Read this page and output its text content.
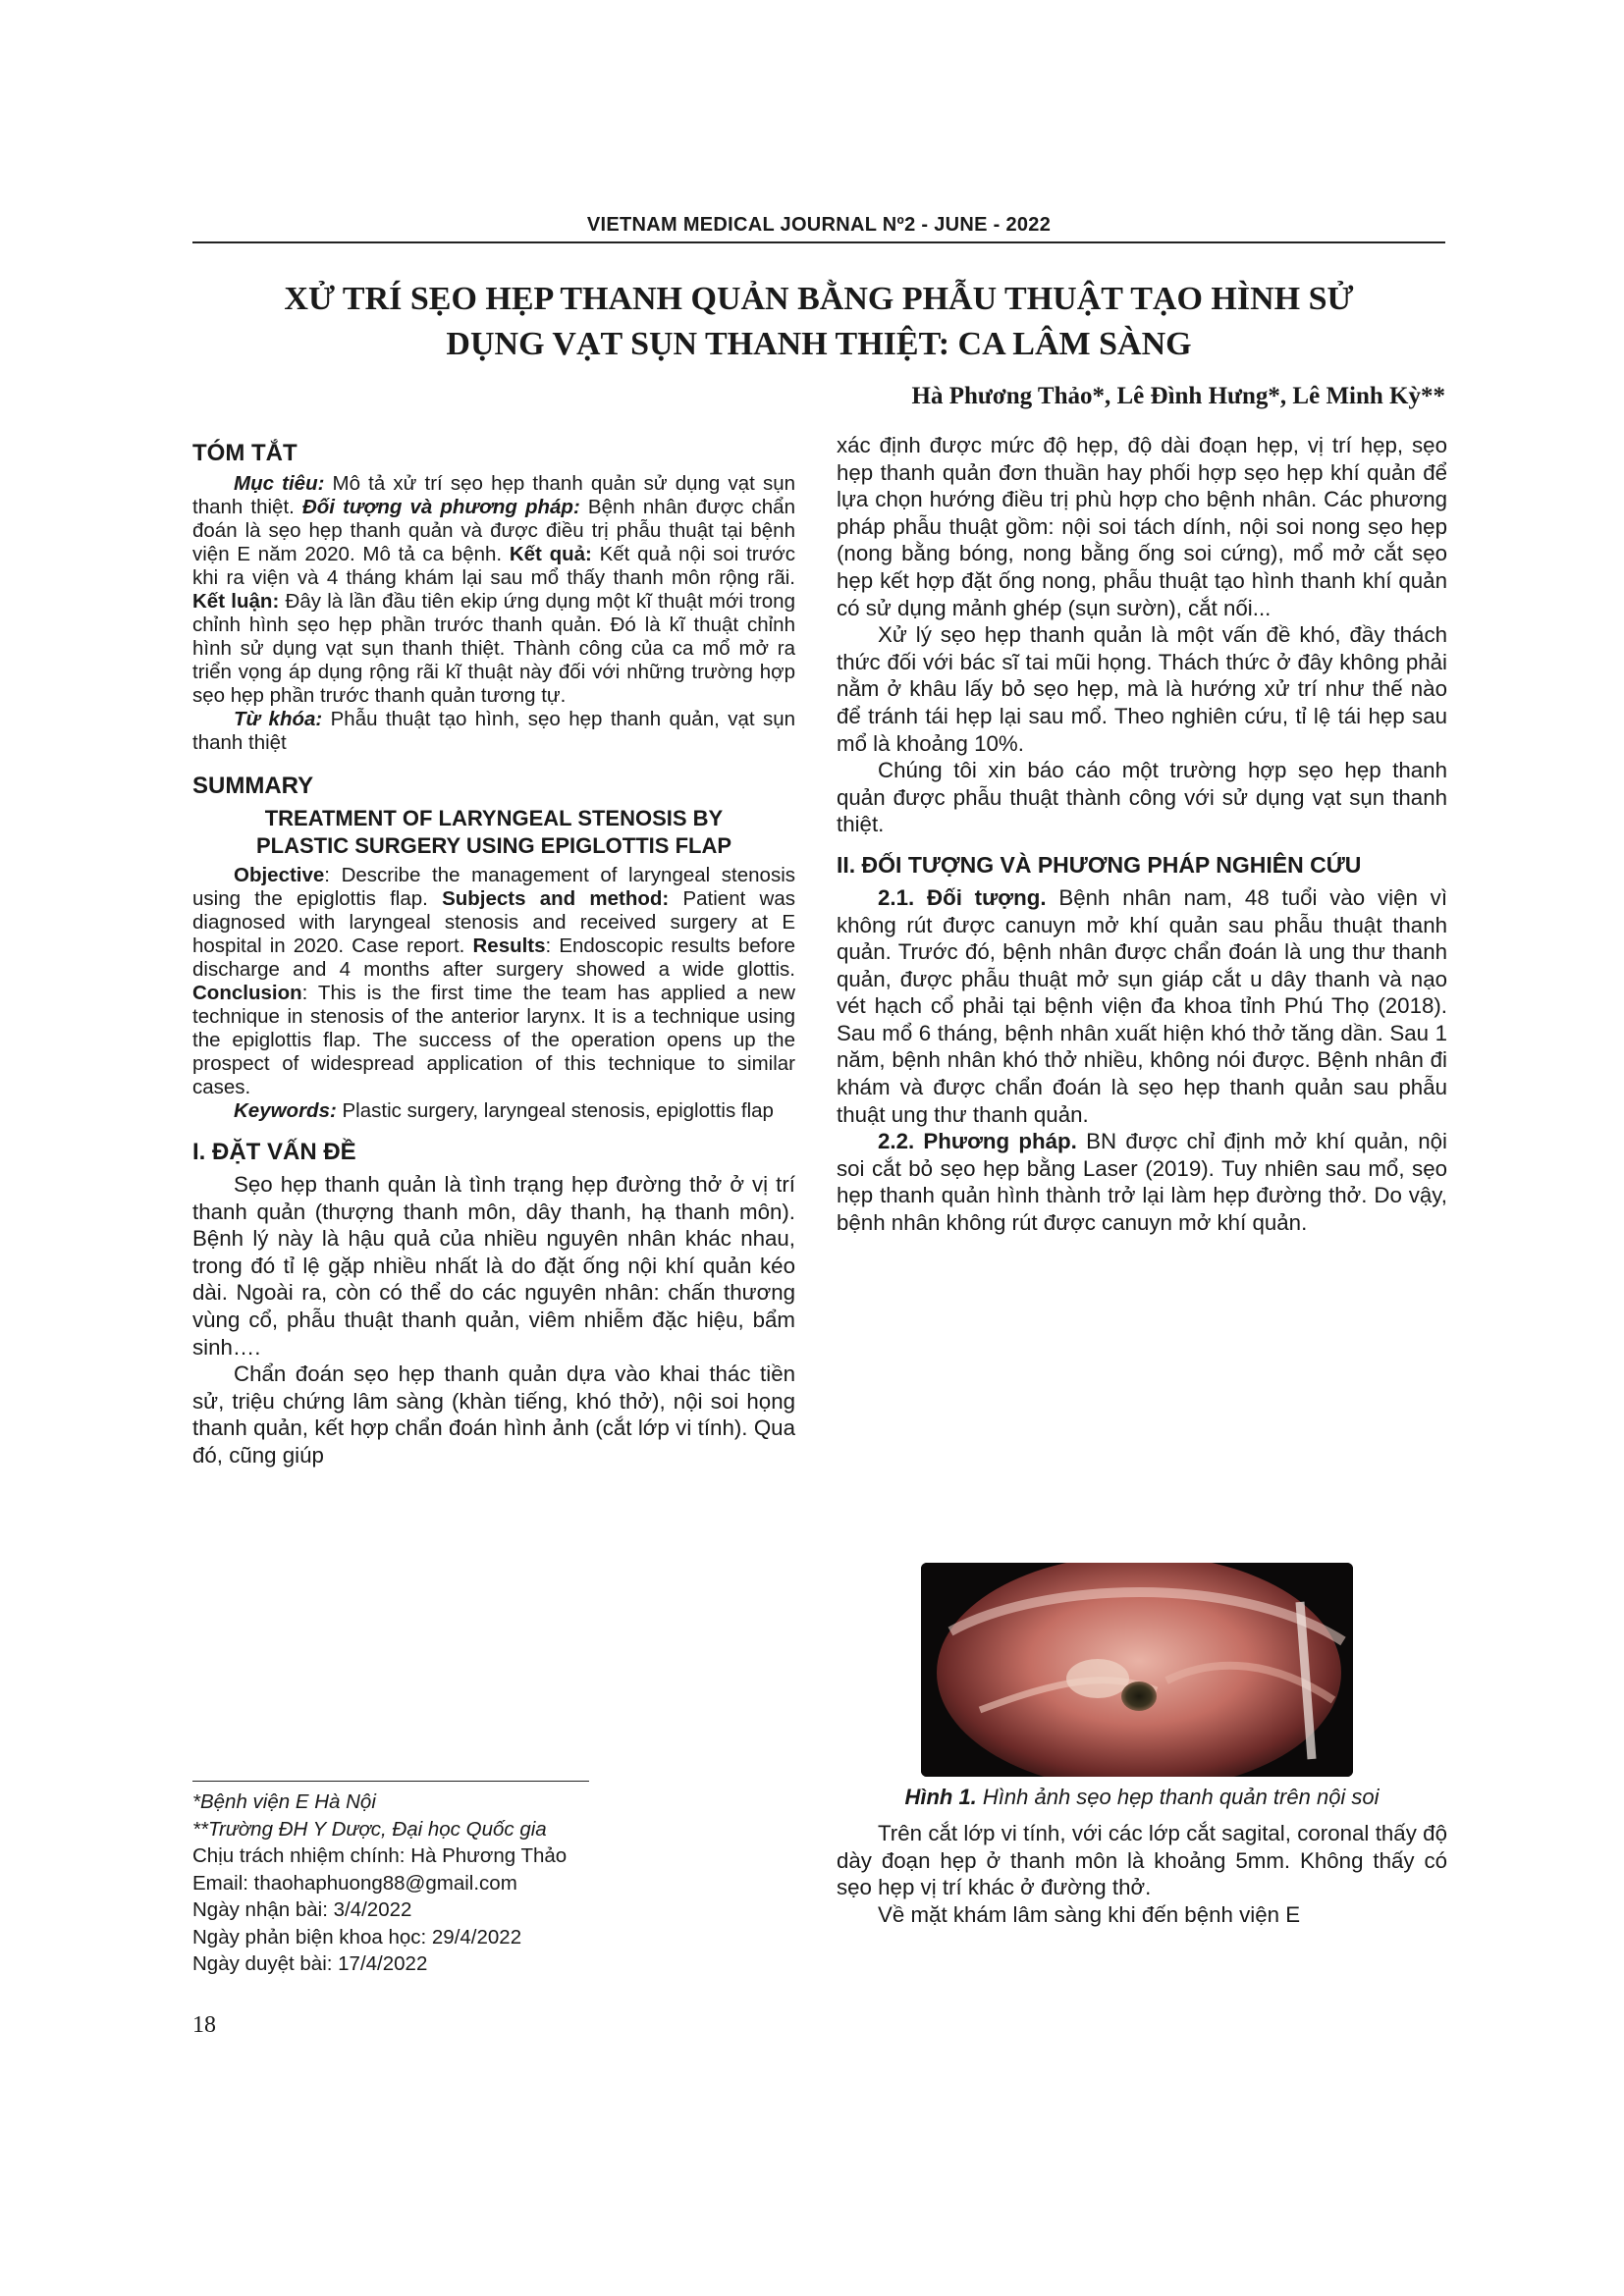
VIETNAM MEDICAL JOURNAL Nº2 - JUNE - 2022
XỬ TRÍ SẸO HẸP THANH QUẢN BẰNG PHẪU THUẬT TẠO HÌNH SỬ
DỤNG VẠT SỤN THANH THIỆT: CA LÂM SÀNG
Hà Phương Thảo*, Lê Đình Hưng*, Lê Minh Kỳ**
TÓM TẮT

Mục tiêu: Mô tả xử trí sẹo hẹp thanh quản sử dụng vạt sụn thanh thiệt. Đối tượng và phương pháp: Bệnh nhân được chẩn đoán là sẹo hẹp thanh quản và được điều trị phẫu thuật tại bệnh viện E năm 2020. Mô tả ca bệnh. Kết quả: Kết quả nội soi trước khi ra viện và 4 tháng khám lại sau mổ thấy thanh môn rộng rãi. Kết luận: Đây là lần đầu tiên ekip ứng dụng một kĩ thuật mới trong chỉnh hình sẹo hẹp phần trước thanh quản. Đó là kĩ thuật chỉnh hình sử dụng vạt sụn thanh thiệt. Thành công của ca mổ mở ra triển vọng áp dụng rộng rãi kĩ thuật này đối với những trường hợp sẹo hẹp phần trước thanh quản tương tự.

Từ khóa: Phẫu thuật tạo hình, sẹo hẹp thanh quản, vạt sụn thanh thiệt

SUMMARY
TREATMENT OF LARYNGEAL STENOSIS BY
PLASTIC SURGERY USING EPIGLOTTIS FLAP

Objective: Describe the management of laryngeal stenosis using the epiglottis flap. Subjects and method: Patient was diagnosed with laryngeal stenosis and received surgery at E hospital in 2020. Case report. Results: Endoscopic results before discharge and 4 months after surgery showed a wide glottis. Conclusion: This is the first time the team has applied a new technique in stenosis of the anterior larynx. It is a technique using the epiglottis flap. The success of the operation opens up the prospect of widespread application of this technique to similar cases.

Keywords: Plastic surgery, laryngeal stenosis, epiglottis flap

I. ĐẶT VẤN ĐỀ

Sẹo hẹp thanh quản là tình trạng hẹp đường thở ở vị trí thanh quản (thượng thanh môn, dây thanh, hạ thanh môn). Bệnh lý này là hậu quả của nhiều nguyên nhân khác nhau, trong đó tỉ lệ gặp nhiều nhất là do đặt ống nội khí quản kéo dài. Ngoài ra, còn có thể do các nguyên nhân: chấn thương vùng cổ, phẫu thuật thanh quản, viêm nhiễm đặc hiệu, bẩm sinh….

Chẩn đoán sẹo hẹp thanh quản dựa vào khai thác tiền sử, triệu chứng lâm sàng (khàn tiếng, khó thở), nội soi họng thanh quản, kết hợp chẩn đoán hình ảnh (cắt lớp vi tính). Qua đó, cũng giúp

xác định được mức độ hẹp, độ dài đoạn hẹp, vị trí hẹp, sẹo hẹp thanh quản đơn thuần hay phối hợp sẹo hẹp khí quản để lựa chọn hướng điều trị phù hợp cho bệnh nhân. Các phương pháp phẫu thuật gồm: nội soi tách dính, nội soi nong sẹo hẹp (nong bằng bóng, nong bằng ống soi cứng), mổ mở cắt sẹo hẹp kết hợp đặt ống nong, phẫu thuật tạo hình thanh khí quản có sử dụng mảnh ghép (sụn sườn), cắt nối...

Xử lý sẹo hẹp thanh quản là một vấn đề khó, đầy thách thức đối với bác sĩ tai mũi họng. Thách thức ở đây không phải nằm ở khâu lấy bỏ sẹo hẹp, mà là hướng xử trí như thế nào để tránh tái hẹp lại sau mổ. Theo nghiên cứu, tỉ lệ tái hẹp sau mổ là khoảng 10%.

Chúng tôi xin báo cáo một trường hợp sẹo hẹp thanh quản được phẫu thuật thành công với sử dụng vạt sụn thanh thiệt.

II. ĐỐI TƯỢNG VÀ PHƯƠNG PHÁP NGHIÊN CỨU

2.1. Đối tượng. Bệnh nhân nam, 48 tuổi vào viện vì không rút được canuyn mở khí quản sau phẫu thuật thanh quản. Trước đó, bệnh nhân được chẩn đoán là ung thư thanh quản, được phẫu thuật mở sụn giáp cắt u dây thanh và nạo vét hạch cổ phải tại bệnh viện đa khoa tỉnh Phú Thọ (2018). Sau mổ 6 tháng, bệnh nhân xuất hiện khó thở tăng dần. Sau 1 năm, bệnh nhân khó thở nhiều, không nói được. Bệnh nhân đi khám và được chẩn đoán là sẹo hẹp thanh quản sau phẫu thuật ung thư thanh quản.

2.2. Phương pháp. BN được chỉ định mở khí quản, nội soi cắt bỏ sẹo hẹp bằng Laser (2019). Tuy nhiên sau mổ, sẹo hẹp thanh quản hình thành trở lại làm hẹp đường thở. Do vậy, bệnh nhân không rút được canuyn mở khí quản.

Hình 1. Hình ảnh sẹo hẹp thanh quản trên nội soi

Trên cắt lớp vi tính, với các lớp cắt sagital, coronal thấy độ dày đoạn hẹp ở thanh môn là khoảng 5mm. Không thấy có sẹo hẹp vị trí khác ở đường thở.

Về mặt khám lâm sàng khi đến bệnh viện E

*Bệnh viện E Hà Nội
**Trường ĐH Y Dược, Đại học Quốc gia
Chịu trách nhiệm chính: Hà Phương Thảo
Email: thaohaphuong88@gmail.com
Ngày nhận bài: 3/4/2022
Ngày phản biện khoa học: 29/4/2022
Ngày duyệt bài: 17/4/2022
18
